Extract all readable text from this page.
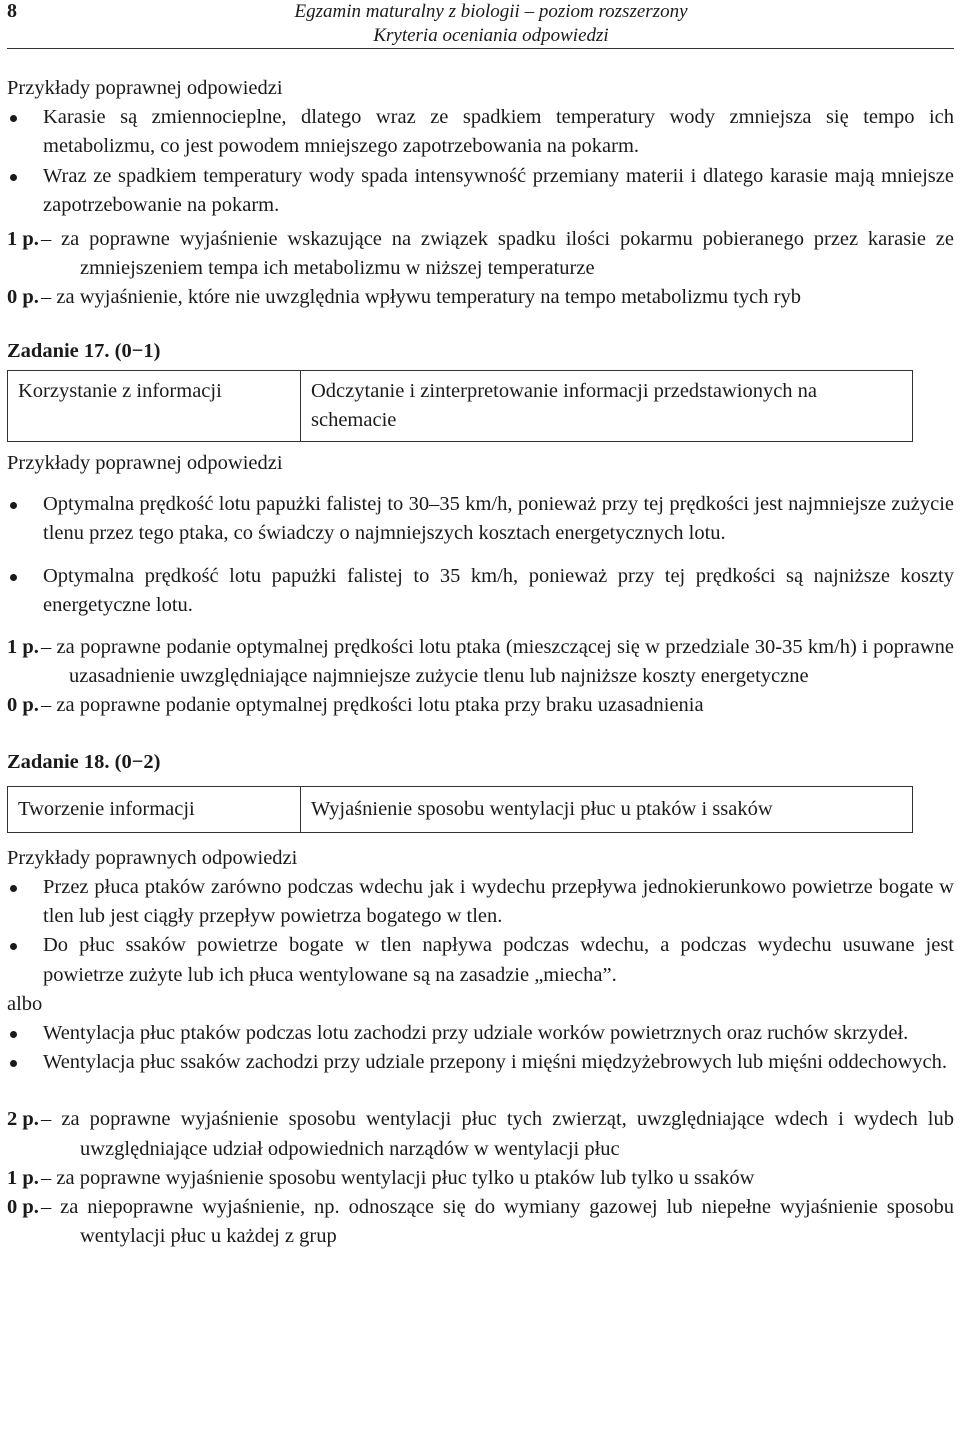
8	Egzamin maturalny z biologii – poziom rozszerzony
Kryteria oceniania odpowiedzi
Przykłady poprawnej odpowiedzi
Karasie są zmiennocieplne, dlatego wraz ze spadkiem temperatury wody zmniejsza się tempo ich metabolizmu, co jest powodem mniejszego zapotrzebowania na pokarm.
Wraz ze spadkiem temperatury wody spada intensywność przemiany materii i dlatego karasie mają mniejsze zapotrzebowanie na pokarm.
1 p. – za poprawne wyjaśnienie wskazujące na związek spadku ilości pokarmu pobieranego przez karasie ze zmniejszeniem tempa ich metabolizmu w niższej temperaturze
0 p. – za wyjaśnienie, które nie uwzględnia wpływu temperatury na tempo metabolizmu tych ryb
Zadanie 17. (0−1)
Korzystanie z informacji	Odczytanie i zinterpretowanie informacji przedstawionych na schemacie
Przykłady poprawnej odpowiedzi
Optymalna prędkość lotu papużki falistej to 30–35 km/h, ponieważ przy tej prędkości jest najmniejsze zużycie tlenu przez tego ptaka, co świadczy o najmniejszych kosztach energetycznych lotu.
Optymalna prędkość lotu papużki falistej to 35 km/h, ponieważ przy tej prędkości są najniższe koszty energetyczne lotu.
1 p. – za poprawne podanie optymalnej prędkości lotu ptaka (mieszczącej się w przedziale 30-35 km/h) i poprawne uzasadnienie uwzględniające najmniejsze zużycie tlenu lub najniższe koszty energetyczne
0 p. – za poprawne podanie optymalnej prędkości lotu ptaka przy braku uzasadnienia
Zadanie 18. (0−2)
Tworzenie informacji	Wyjaśnienie sposobu wentylacji płuc u ptaków i ssaków
Przykłady poprawnych odpowiedzi
Przez płuca ptaków zarówno podczas wdechu jak i wydechu przepływa jednokierunkowo powietrze bogate w tlen lub jest ciągły przepływ powietrza bogatego w tlen.
Do płuc ssaków powietrze bogate w tlen napływa podczas wdechu, a podczas wydechu usuwane jest powietrze zużyte lub ich płuca wentylowane są na zasadzie „miecha”.
albo
Wentylacja płuc ptaków podczas lotu zachodzi przy udziale worków powietrznych oraz ruchów skrzydeł.
Wentylacja płuc ssaków zachodzi przy udziale przepony i mięśni międzyżebrowych lub mięśni oddechowych.
2 p. – za poprawne wyjaśnienie sposobu wentylacji płuc tych zwierząt, uwzględniające wdech i wydech lub uwzględniające udział odpowiednich narządów w wentylacji płuc
1 p. – za poprawne wyjaśnienie sposobu wentylacji płuc tylko u ptaków lub tylko u ssaków
0 p. – za niepoprawne wyjaśnienie, np. odnoszące się do wymiany gazowej lub niepełne wyjaśnienie sposobu wentylacji płuc u każdej z grup
